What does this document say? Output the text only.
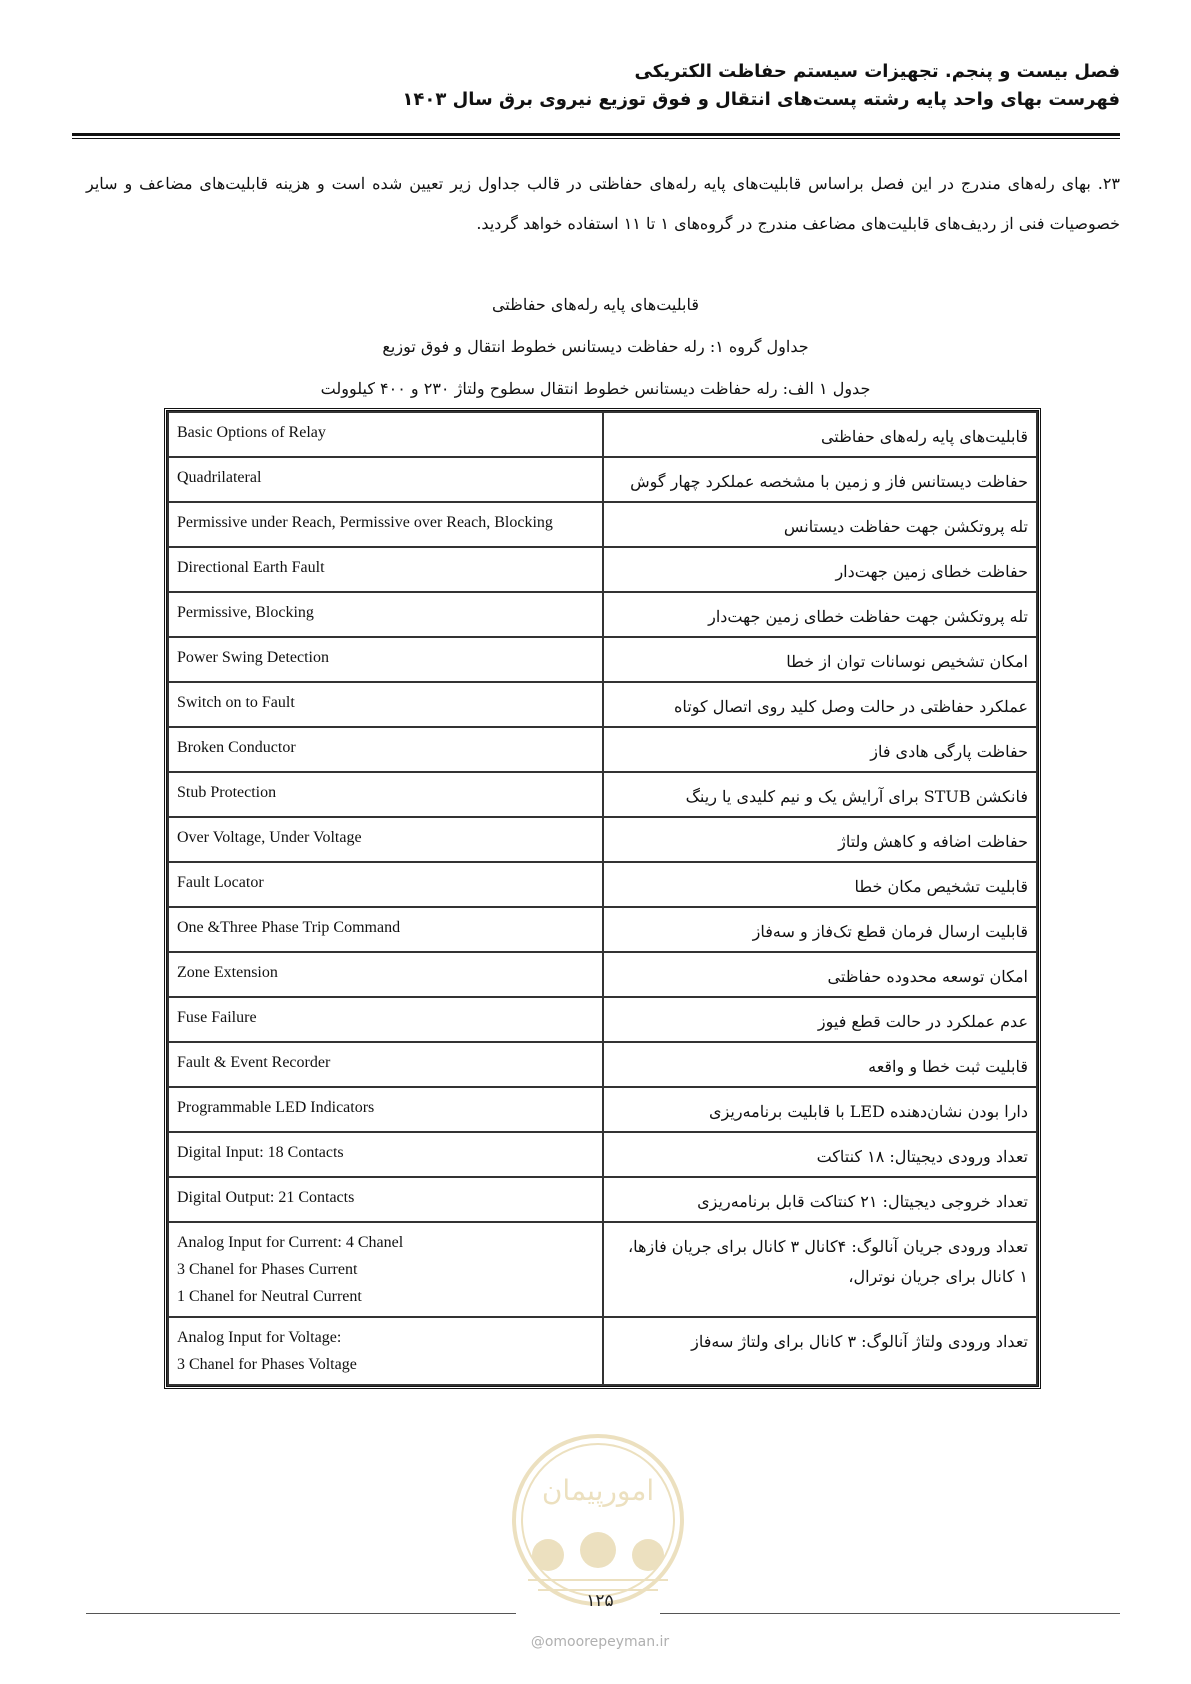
فصل بیست و پنجم. تجهیزات سیستم حفاظت الکتریکی
فهرست بهای واحد پایه رشته پست‌های انتقال و فوق توزیع نیروی برق سال ۱۴۰۳
۲۳. بهای رله‌های مندرج در این فصل براساس قابلیت‌های پایه رله‌های حفاظتی در قالب جداول زیر تعیین شده است و هزینه قابلیت‌های مضاعف و سایر خصوصیات فنی از ردیف‌های قابلیت‌های مضاعف مندرج در گروه‌های ۱ تا ۱۱ استفاده خواهد گردید.
قابلیت‌های پایه رله‌های حفاظتی
جداول گروه ۱: رله حفاظت دیستانس خطوط انتقال و فوق توزیع
جدول ۱ الف: رله حفاظت دیستانس خطوط انتقال سطوح ولتاژ ۲۳۰ و ۴۰۰ کیلوولت
Basic Options of Relay	قابلیت‌های پایه رله‌های حفاظتی

Quadrilateral	حفاظت دیستانس فاز و زمین با مشخصه عملکرد چهار گوش

Permissive under Reach, Permissive over Reach, Blocking	تله پروتکشن جهت حفاظت دیستانس

Directional Earth Fault	حفاظت خطای زمین جهت‌دار

Permissive, Blocking	تله پروتکشن جهت حفاظت خطای زمین جهت‌دار

Power Swing Detection	امکان تشخیص نوسانات توان از خطا

Switch on to Fault	عملکرد حفاظتی در حالت وصل کلید روی اتصال کوتاه

Broken Conductor	حفاظت پارگی هادی فاز

Stub Protection	فانکشن STUB برای آرایش یک و نیم کلیدی یا رینگ

Over Voltage, Under Voltage	حفاظت اضافه و کاهش ولتاژ

Fault Locator	قابلیت تشخیص مکان خطا

One &Three Phase Trip Command	قابلیت ارسال فرمان قطع تک‌فاز و سه‌فاز

Zone Extension	امکان توسعه محدوده حفاظتی

Fuse Failure	عدم عملکرد در حالت قطع فیوز

Fault & Event Recorder	قابلیت ثبت خطا و واقعه

Programmable LED Indicators	دارا بودن نشان‌دهنده LED با قابلیت برنامه‌ریزی

Digital Input: 18 Contacts	تعداد ورودی دیجیتال: ۱۸ کنتاکت

Digital Output: 21 Contacts	تعداد خروجی دیجیتال: ۲۱ کنتاکت قابل برنامه‌ریزی

Analog Input for Current: 4 Chanel
3 Chanel for Phases Current
1 Chanel for Neutral Current	تعداد ورودی جریان آنالوگ: ۴کانال ۳ کانال برای جریان فازها،
۱ کانال برای جریان نوترال،

Analog Input for Voltage:
3 Chanel for Phases Voltage	تعداد ورودی ولتاژ آنالوگ: ۳ کانال برای ولتاژ سه‌فاز
امورپیمان
۱۲۵
@omoorepeyman.ir
